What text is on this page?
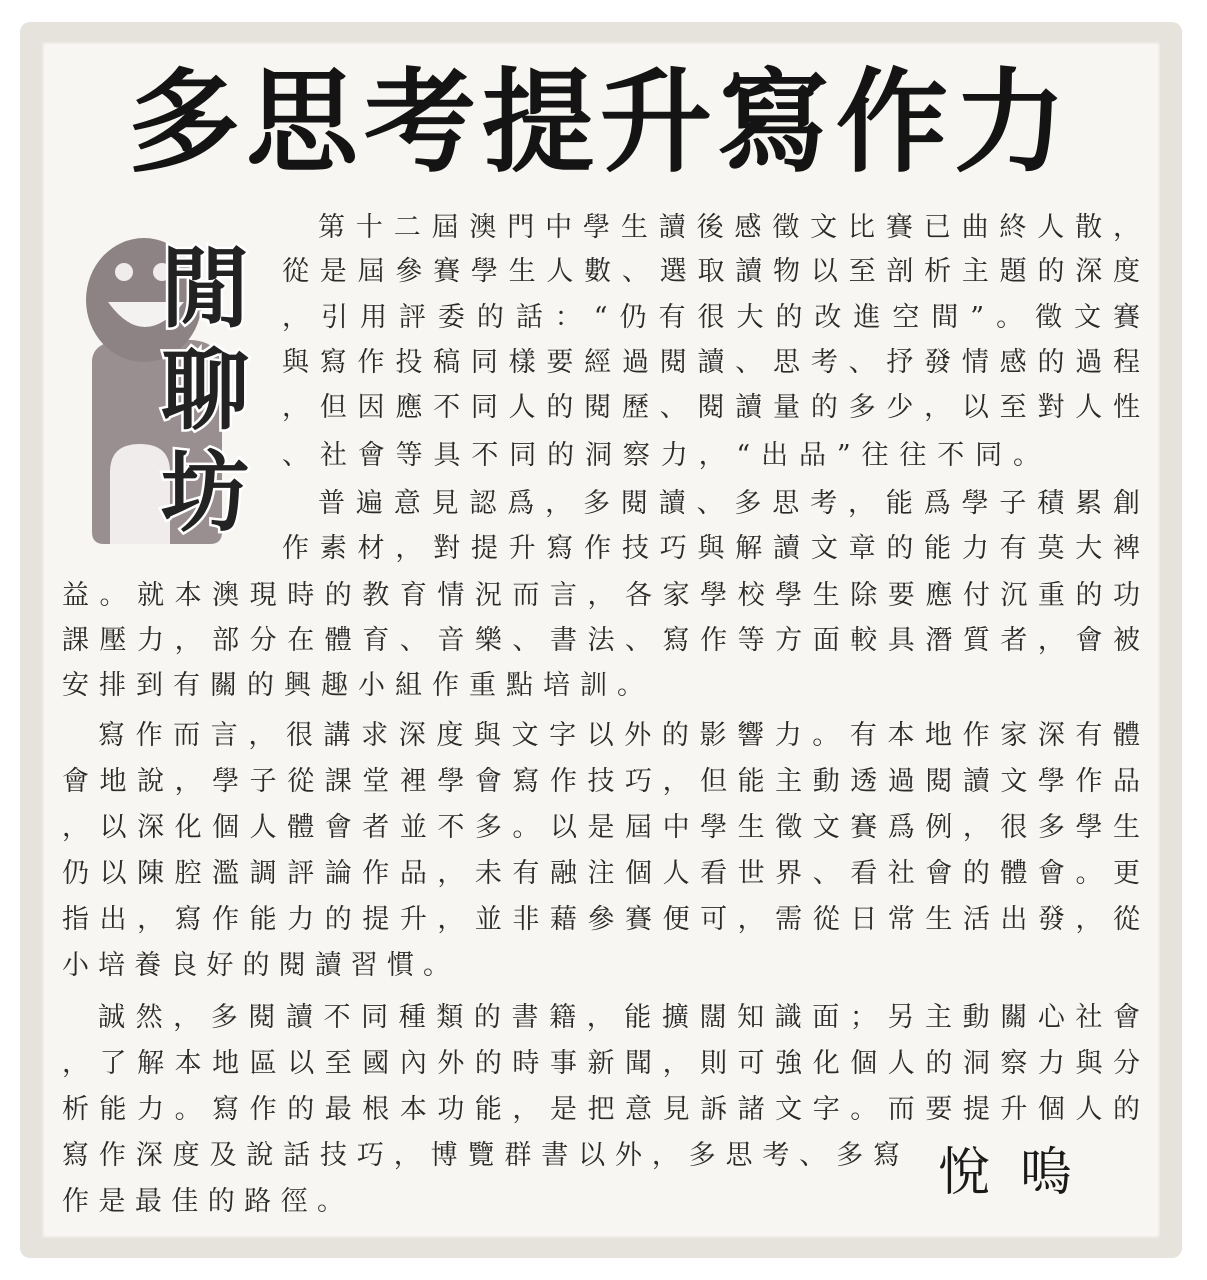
多思考提升寫作力
閒聊坊
第十二屆澳門中學生讀後感徵文比賽已曲終人散，
從是屆參賽學生人數、選取讀物以至剖析主題的深度
，引用評委的話：“仍有很大的改進空間”。徵文賽
與寫作投稿同樣要經過閱讀、思考、抒發情感的過程
，但因應不同人的閱歷、閱讀量的多少，以至對人性
、社會等具不同的洞察力，“出品”往往不同。
普遍意見認爲，多閱讀、多思考，能爲學子積累創
作素材，對提升寫作技巧與解讀文章的能力有莫大裨
益。就本澳現時的教育情況而言，各家學校學生除要應付沉重的功
課壓力，部分在體育、音樂、書法、寫作等方面較具潛質者，會被
安排到有關的興趣小組作重點培訓。
寫作而言，很講求深度與文字以外的影響力。有本地作家深有體
會地說，學子從課堂裡學會寫作技巧，但能主動透過閱讀文學作品
，以深化個人體會者並不多。以是屆中學生徵文賽爲例，很多學生
仍以陳腔濫調評論作品，未有融注個人看世界、看社會的體會。更
指出，寫作能力的提升，並非藉參賽便可，需從日常生活出發，從
小培養良好的閱讀習慣。
誠然，多閱讀不同種類的書籍，能擴闊知識面；另主動關心社會
，了解本地區以至國內外的時事新聞，則可強化個人的洞察力與分
析能力。寫作的最根本功能，是把意見訴諸文字。而要提升個人的
寫作深度及說話技巧，博覽群書以外，多思考、多寫
作是最佳的路徑。	悅嗚
